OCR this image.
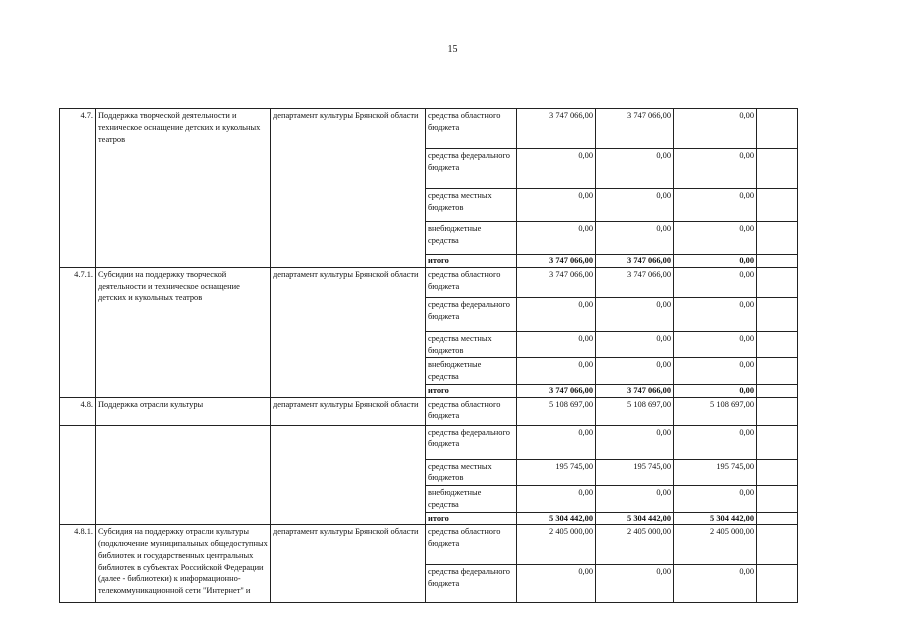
15
4.7.	Поддержка творческой деятельности и техническое оснащение детских и кукольных театров	департамент культуры Брянской области	средства областного бюджета	3 747 066,00	3 747 066,00	0,00	
			средства федерального бюджета	0,00	0,00	0,00	
			средства местных бюджетов	0,00	0,00	0,00	
			внебюджетные средства	0,00	0,00	0,00	
			итого	3 747 066,00	3 747 066,00	0,00	
4.7.1.	Субсидии на поддержку творческой деятельности и техническое оснащение детских и кукольных театров	департамент культуры Брянской области	средства областного бюджета	3 747 066,00	3 747 066,00	0,00	
			средства федерального бюджета	0,00	0,00	0,00	
			средства местных бюджетов	0,00	0,00	0,00	
			внебюджетные средства	0,00	0,00	0,00	
			итого	3 747 066,00	3 747 066,00	0,00	
4.8.	Поддержка отрасли культуры	департамент культуры Брянской области	средства областного бюджета	5 108 697,00	5 108 697,00	5 108 697,00	
			средства федерального бюджета	0,00	0,00	0,00	
			средства местных бюджетов	195 745,00	195 745,00	195 745,00	
			внебюджетные средства	0,00	0,00	0,00	
			итого	5 304 442,00	5 304 442,00	5 304 442,00	
4.8.1.	Субсидия на поддержку отрасли культуры (подключение муниципальных общедоступных библиотек и государственных центральных библиотек в субъектах Российской Федерации (далее - библиотеки) к информационно-телекоммуникационной сети "Интернет" и	департамент культуры Брянской области	средства областного бюджета	2 405 000,00	2 405 000,00	2 405 000,00	
			средства федерального бюджета	0,00	0,00	0,00	
